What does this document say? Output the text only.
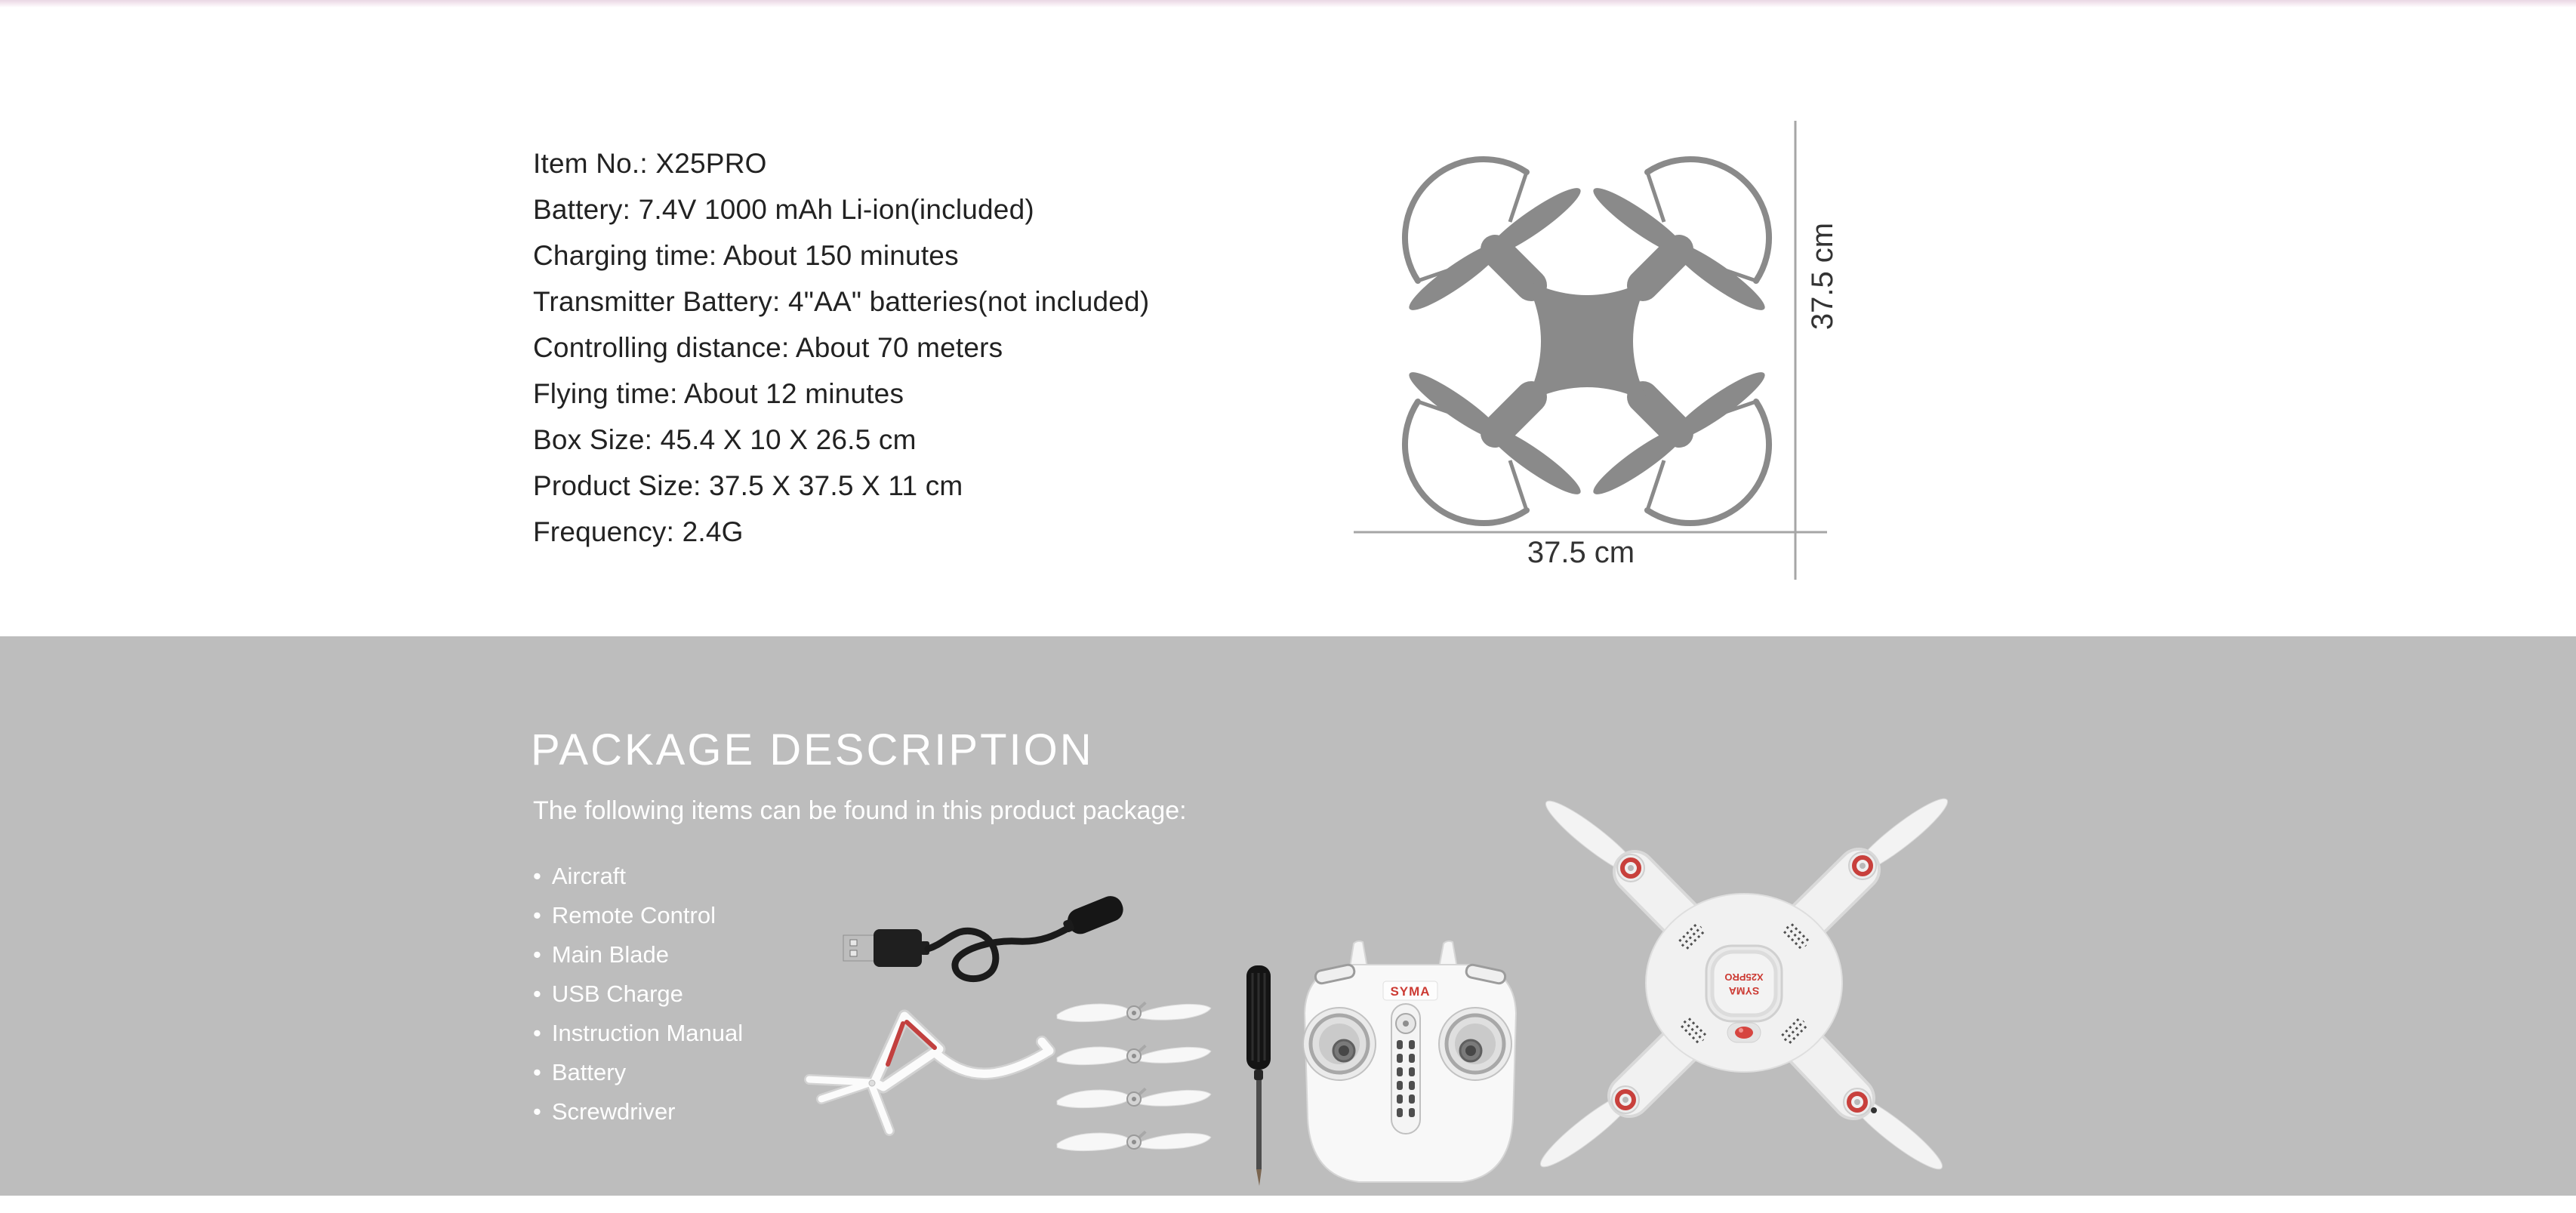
Item No.: X25PRO
Battery: 7.4V 1000 mAh Li-ion(included)
Charging time: About 150 minutes
Transmitter Battery: 4"AA" batteries(not included)
Controlling distance: About 70 meters
Flying time: About 12 minutes
Box Size: 45.4 X 10 X 26.5 cm
Product Size: 37.5 X 37.5 X 11 cm
Frequency: 2.4G
37.5 cm
37.5 cm
PACKAGE DESCRIPTION
The following items can be found in this product package:
• Aircraft
• Remote Control
• Main Blade
• USB Charge
• Instruction Manual
• Battery
• Screwdriver
SYMA	SYMA
X25PRO
